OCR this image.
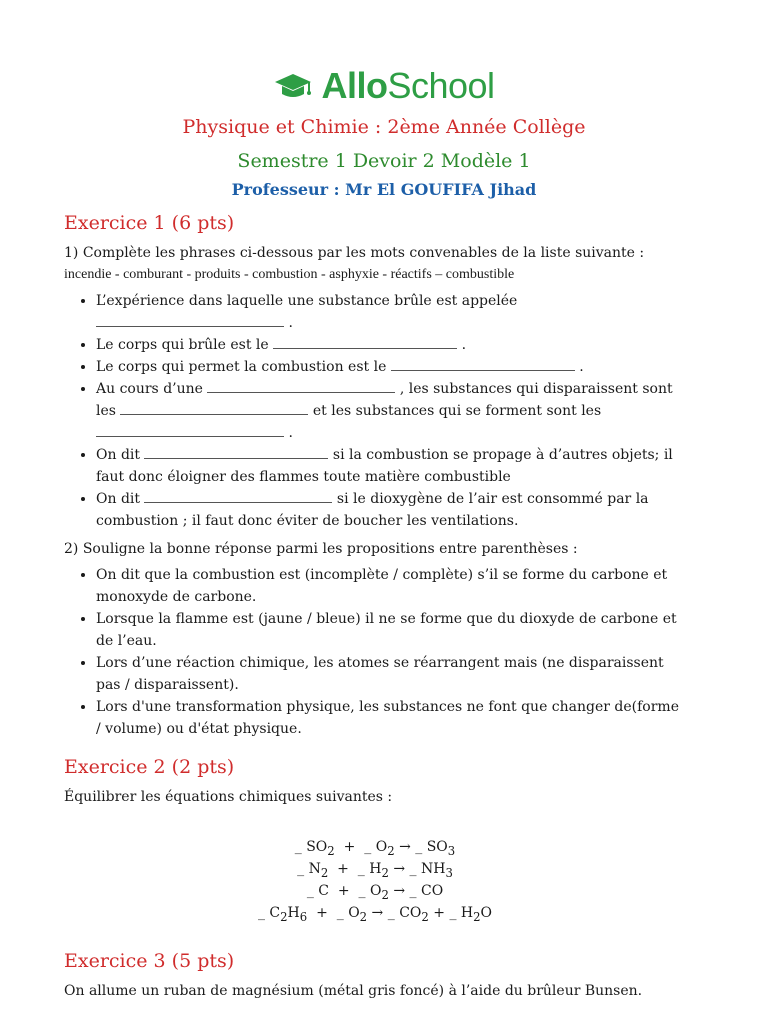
AlloSchool
Physique et Chimie : 2ème Année Collège
Semestre 1 Devoir 2 Modèle 1
Professeur : Mr El GOUFIFA Jihad
Exercice 1 (6 pts)

1) Complète les phrases ci-dessous par les mots convenables de la liste suivante :

incendie - comburant - produits - combustion - asphyxie - réactifs – combustible

• L’expérience dans laquelle une substance brûle est appelée  .
• Le corps qui brûle est le	.
• Le corps qui permet la combustion est le	.
• Au cours d’une	, les substances qui disparaissent sont les	et les substances qui se forment sont les  .
• On dit	si la combustion se propage à d’autres objets; il faut donc éloigner des flammes toute matière combustible
• On dit	si le dioxygène de l’air est consommé par la combustion ; il faut donc éviter de boucher les ventilations.

2) Souligne la bonne réponse parmi les propositions entre parenthèses :

• On dit que la combustion est (incomplète / complète) s’il se forme du carbone et monoxyde de carbone.
• Lorsque la flamme est (jaune / bleue) il ne se forme que du dioxyde de carbone et de l’eau.
• Lors d’une réaction chimique, les atomes se réarrangent mais (ne disparaissent pas / disparaissent).
• Lors d'une transformation physique, les substances ne font que changer de(forme / volume) ou d'état physique.
Exercice 2 (2 pts)

Équilibrer les équations chimiques suivantes :

_ $SO_2$ + _ $O_2$ → _ $SO_3$
_ $N_2$ + _ $H_2$ → _ $NH_3$
_ C + _ $O_2$ → _ CO
_ $C_2H_6$ + _ $O_2$ → _ $CO_2$ + _ $H_2O$
Exercice 3 (5 pts)

On allume un ruban de magnésium (métal gris foncé) à l’aide du brûleur Bunsen.
